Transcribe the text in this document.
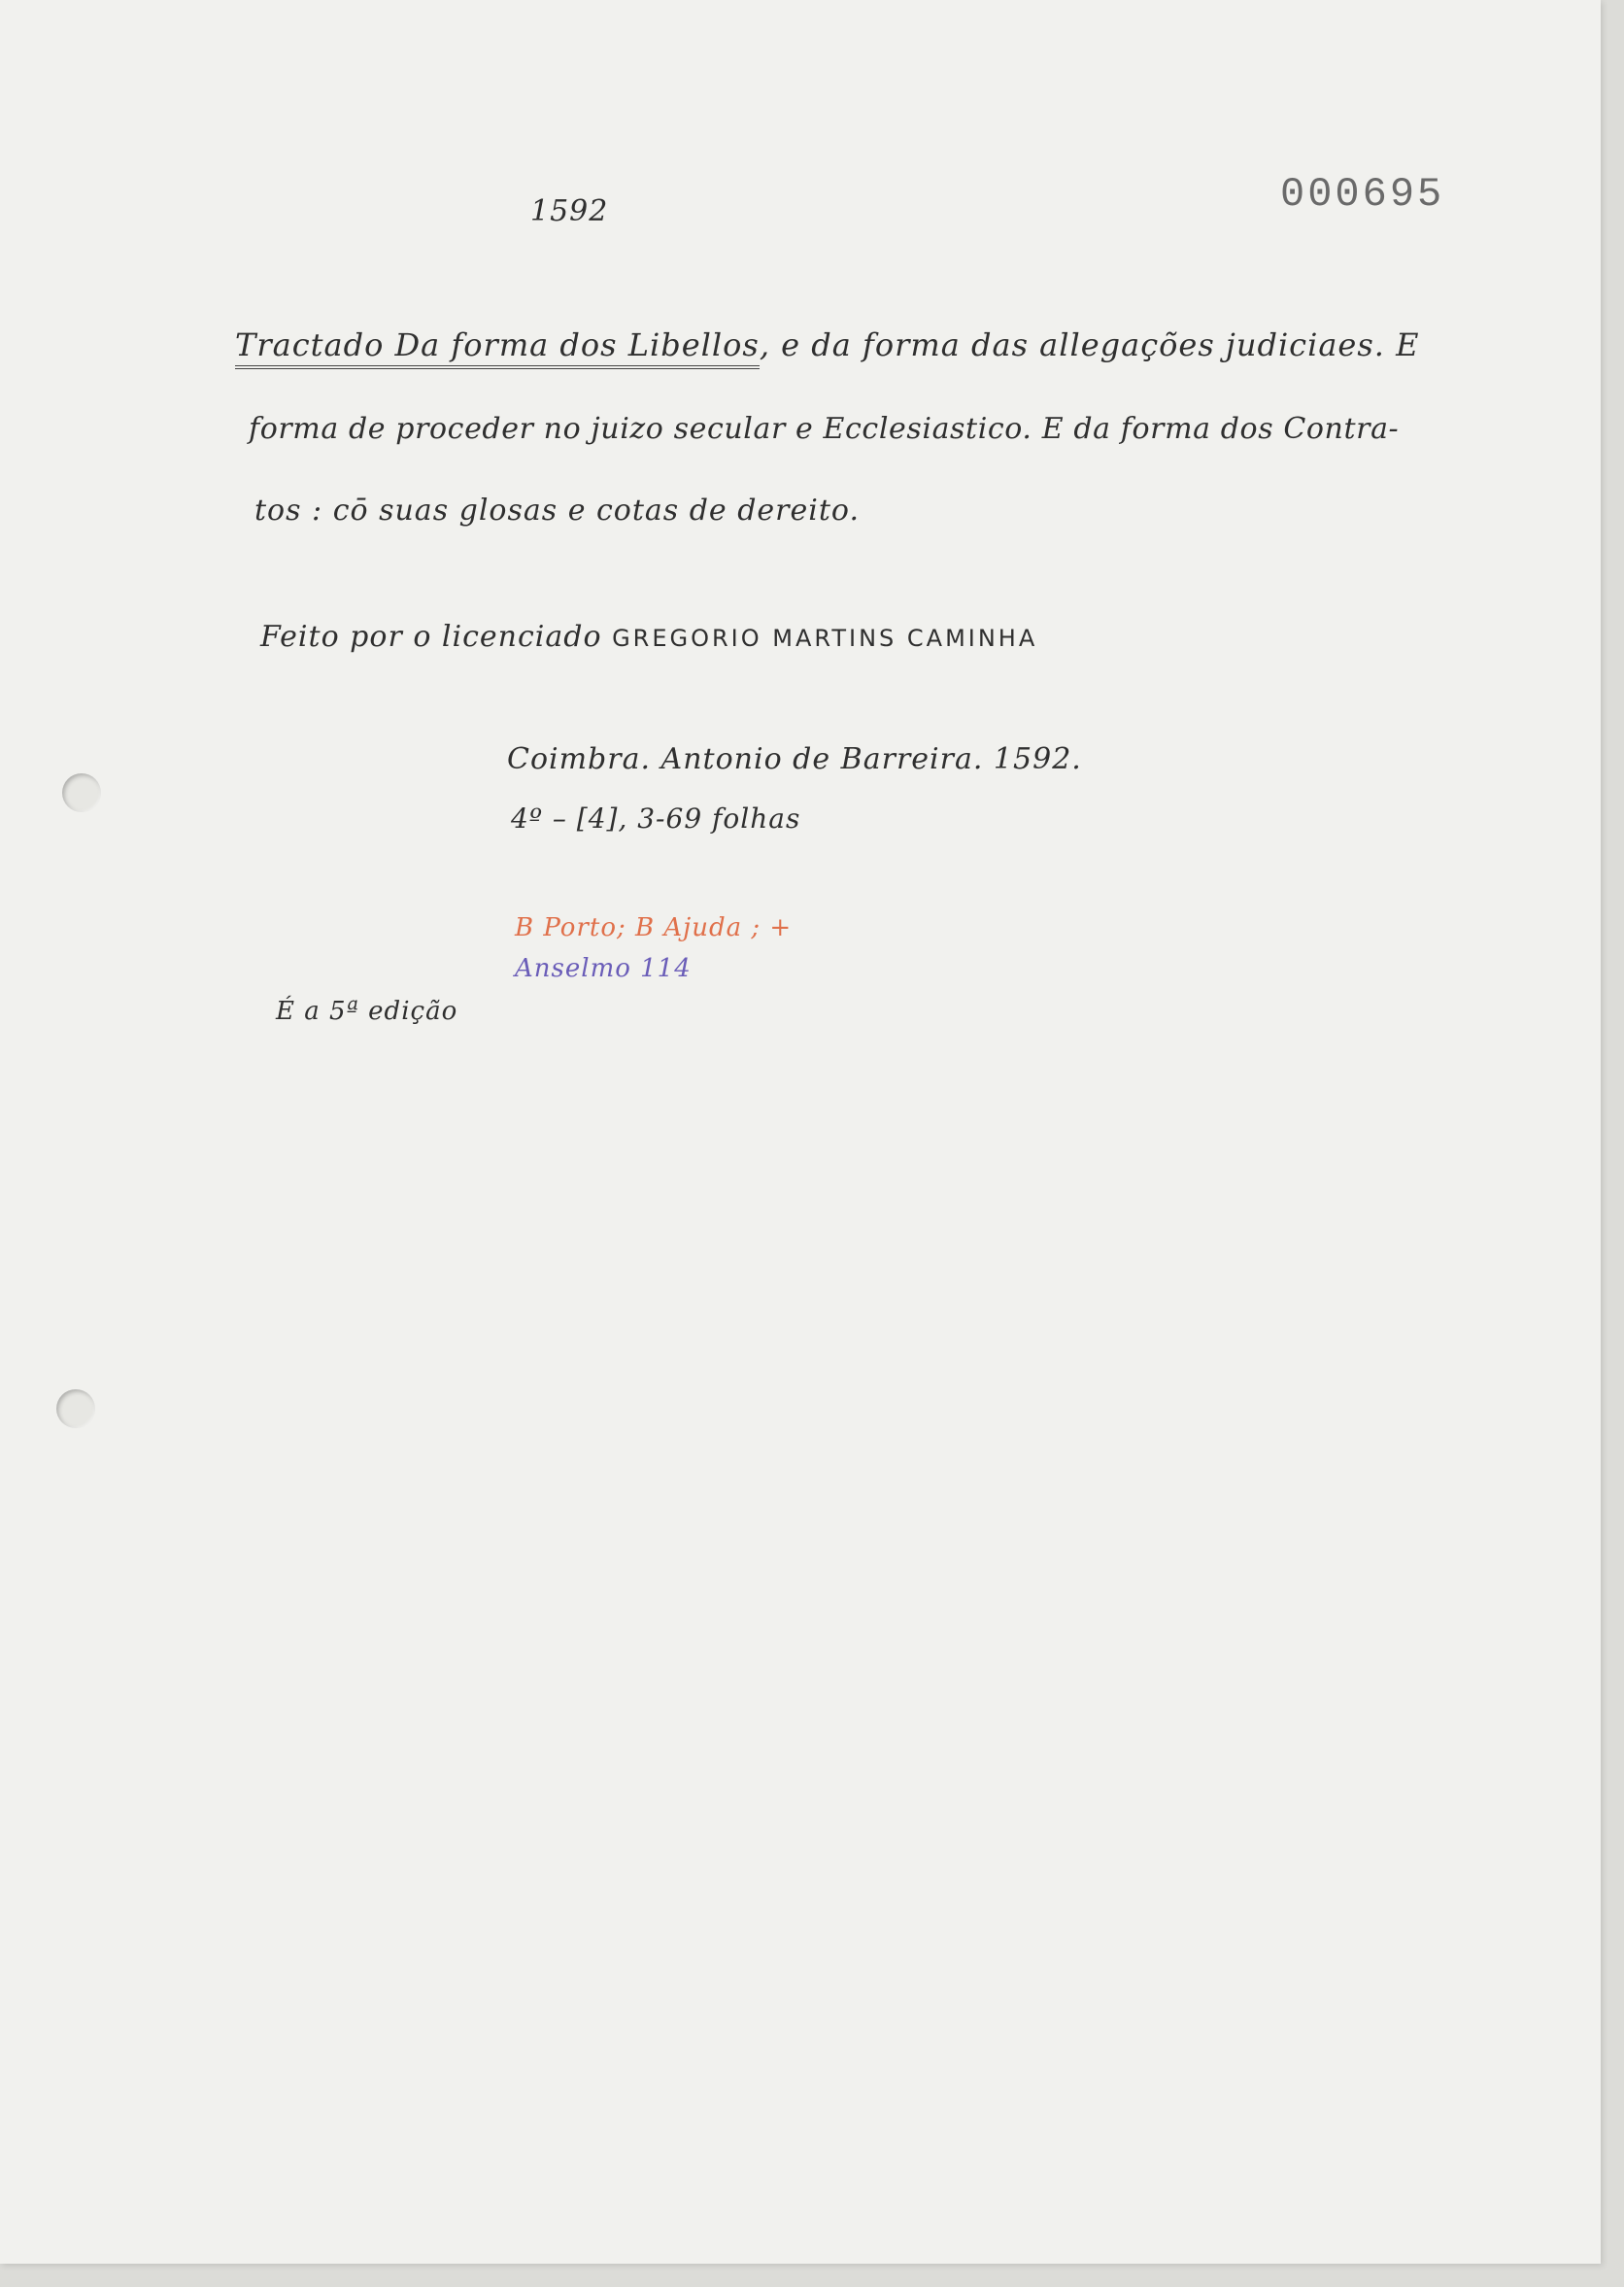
1592	000695
Tractado Da forma dos Libellos, e da forma das allegações judiciaes. E
forma de proceder no juizo secular e Ecclesiastico. E da forma dos Contra-
tos : cō suas glosas e cotas de dereito.
Feito por o licenciado GREGORIO MARTINS CAMINHA
Coimbra. Antonio de Barreira. 1592.
4º – [4], 3-69 folhas
B Porto; B Ajuda ; +
Anselmo 114
É a 5ª edição
